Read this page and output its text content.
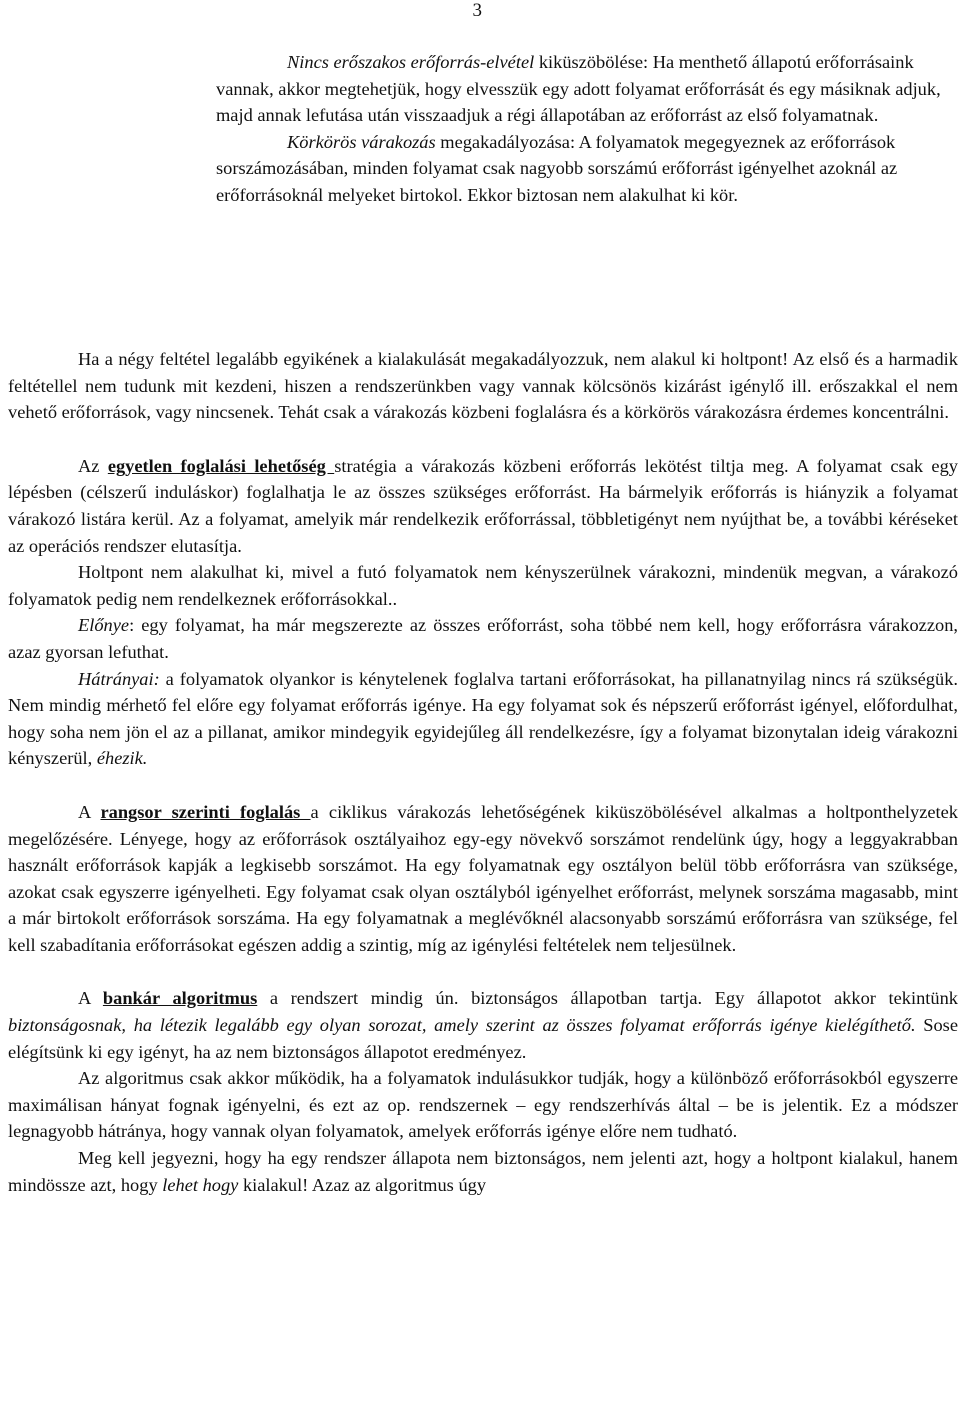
3

Nincs erőszakos erőforrás-elvétel kiküszöbölése: Ha menthető állapotú erőforrásaink vannak, akkor megtehetjük, hogy elvesszük egy adott folyamat erőforrását és egy másiknak adjuk, majd annak lefutása után visszaadjuk a régi állapotában az erőforrást az első folyamatnak.

Körkörös várakozás megakadályozása: A folyamatok megegyeznek az erőforrások sorszámozásában, minden folyamat csak nagyobb sorszámú erőforrást igényelhet azoknál az erőforrásoknál melyeket birtokol. Ekkor biztosan nem alakulhat ki kör.

Ha a négy feltétel legalább egyikének a kialakulását megakadályozzuk, nem alakul ki holtpont! Az első és a harmadik feltétellel nem tudunk mit kezdeni, hiszen a rendszerünkben vagy vannak kölcsönös kizárást igénylő ill. erőszakkal el nem vehető erőforrások, vagy nincsenek. Tehát csak a várakozás közbeni foglalásra és a körkörös várakozásra érdemes koncentrálni.

Az egyetlen foglalási lehetőség stratégia a várakozás közbeni erőforrás lekötést tiltja meg. A folyamat csak egy lépésben (célszerű induláskor) foglalhatja le az összes szükséges erőforrást. Ha bármelyik erőforrás is hiányzik a folyamat várakozó listára kerül. Az a folyamat, amelyik már rendelkezik erőforrással, többletigényt nem nyújthat be, a további kéréseket az operációs rendszer elutasítja.

Holtpont nem alakulhat ki, mivel a futó folyamatok nem kényszerülnek várakozni, mindenük megvan, a várakozó folyamatok pedig nem rendelkeznek erőforrásokkal..

Előnye: egy folyamat, ha már megszerezte az összes erőforrást, soha többé nem kell, hogy erőforrásra várakozzon, azaz gyorsan lefuthat.

Hátrányai: a folyamatok olyankor is kénytelenek foglalva tartani erőforrásokat, ha pillanatnyilag nincs rá szükségük. Nem mindig mérhető fel előre egy folyamat erőforrás igénye. Ha egy folyamat sok és népszerű erőforrást igényel, előfordulhat, hogy soha nem jön el az a pillanat, amikor mindegyik egyidejűleg áll rendelkezésre, így a folyamat bizonytalan ideig várakozni kényszerül, éhezik.

A rangsor szerinti foglalás a ciklikus várakozás lehetőségének kiküszöbölésével alkalmas a holtponthelyzetek megelőzésére. Lényege, hogy az erőforrások osztályaihoz egy-egy növekvő sorszámot rendelünk úgy, hogy a leggyakrabban használt erőforrások kapják a legkisebb sorszámot. Ha egy folyamatnak egy osztályon belül több erőforrásra van szüksége, azokat csak egyszerre igényelheti. Egy folyamat csak olyan osztályból igényelhet erőforrást, melynek sorszáma magasabb, mint a már birtokolt erőforrások sorszáma. Ha egy folyamatnak a meglévőknél alacsonyabb sorszámú erőforrásra van szüksége, fel kell szabadítania erőforrásokat egészen addig a szintig, míg az igénylési feltételek nem teljesülnek.

A bankár algoritmus a rendszert mindig ún. biztonságos állapotban tartja. Egy állapotot akkor tekintünk biztonságosnak, ha létezik legalább egy olyan sorozat, amely szerint az összes folyamat erőforrás igénye kielégíthető. Sose elégítsünk ki egy igényt, ha az nem biztonságos állapotot eredményez.

Az algoritmus csak akkor működik, ha a folyamatok indulásukkor tudják, hogy a különböző erőforrásokból egyszerre maximálisan hányat fognak igényelni, és ezt az op. rendszernek – egy rendszerhívás által – be is jelentik. Ez a módszer legnagyobb hátránya, hogy vannak olyan folyamatok, amelyek erőforrás igénye előre nem tudható.

Meg kell jegyezni, hogy ha egy rendszer állapota nem biztonságos, nem jelenti azt, hogy a holtpont kialakul, hanem mindössze azt, hogy lehet hogy kialakul! Azaz az algoritmus úgy
